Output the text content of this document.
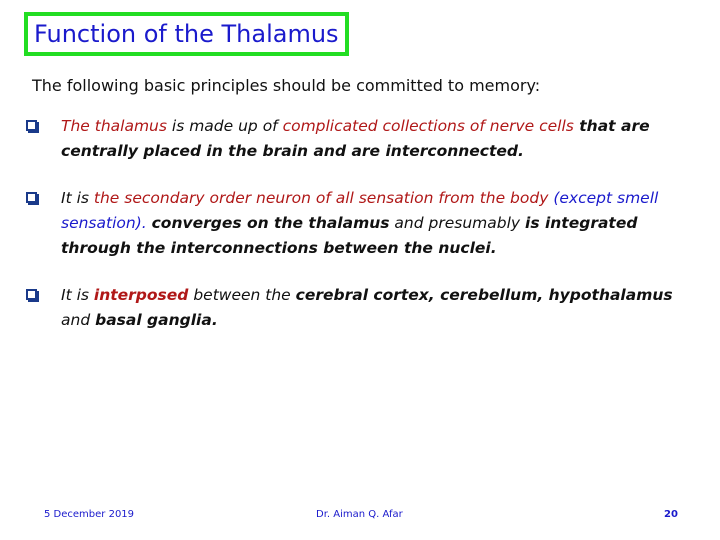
Function of the Thalamus
The following basic principles should be committed to memory:
The thalamus is made up of complicated collections of nerve cells that are centrally placed in the brain and are interconnected.
It is the secondary order neuron of all sensation from the body (except smell sensation). converges on the thalamus and presumably is integrated through the interconnections between the nuclei.
It is interposed between the cerebral cortex, cerebellum, hypothalamus and basal ganglia.
5 December 2019	Dr. Aiman Q. Afar	20
